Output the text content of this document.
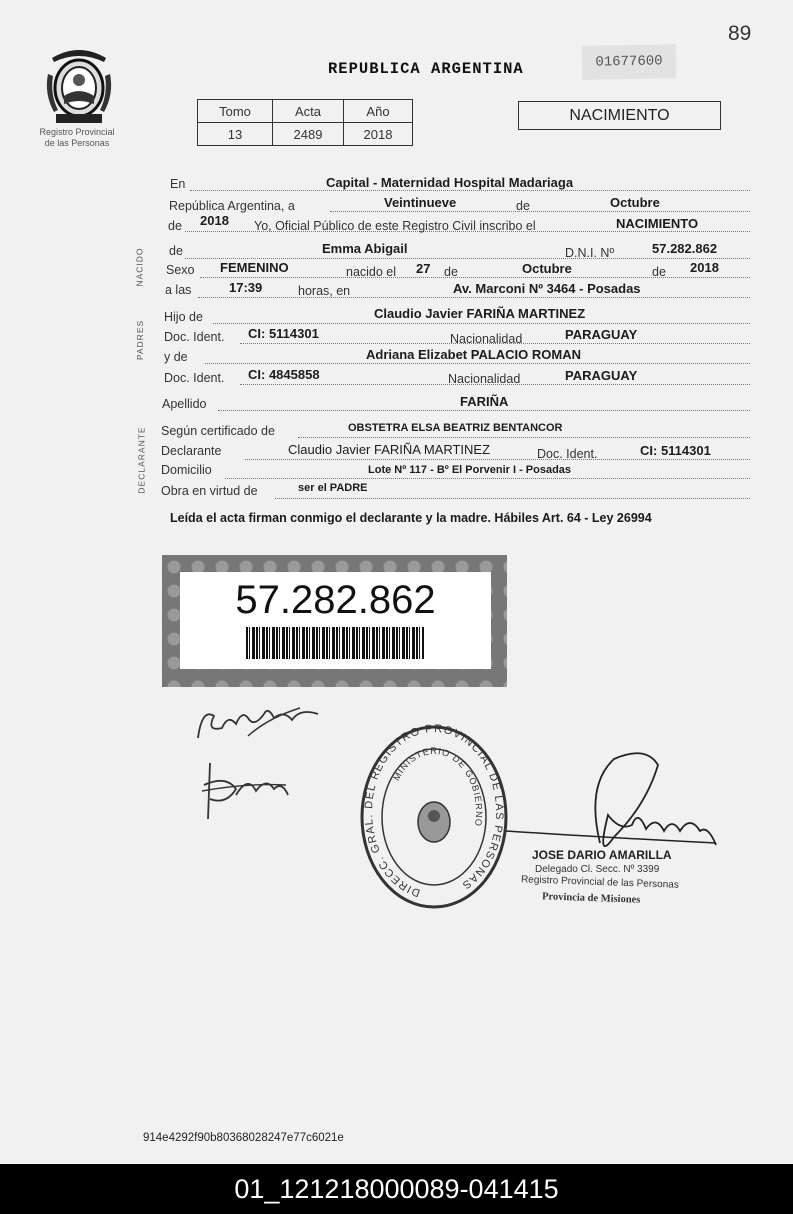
89
Registro Provincial
de las Personas
REPUBLICA ARGENTINA	01677600
Tomo	Acta	Año
13	2489	2018
NACIMIENTO
NACIDO
PADRES
DECLARANTE
En	Capital - Maternidad Hospital Madariaga
República Argentina, a	Veintinueve	de	Octubre
de 2018 Yo, Oficial Público de este Registro Civil inscribo el	NACIMIENTO
de	Emma Abigail	D.N.I. Nº	57.282.862
Sexo FEMENINO	nacido el 27 de	Octubre	de 2018
a las	17:39	horas, en	Av. Marconi Nº 3464 - Posadas
Hijo de	Claudio Javier FARIÑA MARTINEZ
Doc. Ident. CI: 5114301	Nacionalidad	PARAGUAY
y de	Adriana Elizabet PALACIO ROMAN
Doc. Ident. CI: 4845858	Nacionalidad	PARAGUAY
Apellido	FARIÑA
Según certificado de	OBSTETRA ELSA BEATRIZ BENTANCOR
Declarante	Claudio Javier FARIÑA MARTINEZ	Doc. Ident.	CI: 5114301
Domicilio	Lote Nº 117 - Bº El Porvenir I - Posadas
Obra en virtud de	ser el PADRE
Leída el acta firman conmigo el declarante y la madre. Hábiles Art. 64 - Ley 26994
57.282.862
DIRECC. GRAL. DEL REGISTRO PROVINCIAL DE LAS PERSONAS
MINISTERIO DE GOBIERNO
JOSE DARIO AMARILLA
Delegado Cl. Secc. Nº 3399
Registro Provincial de las Personas
Provincia de Misiones
914e4292f90b80368028247e77c6021e
01_121218000089-041415
